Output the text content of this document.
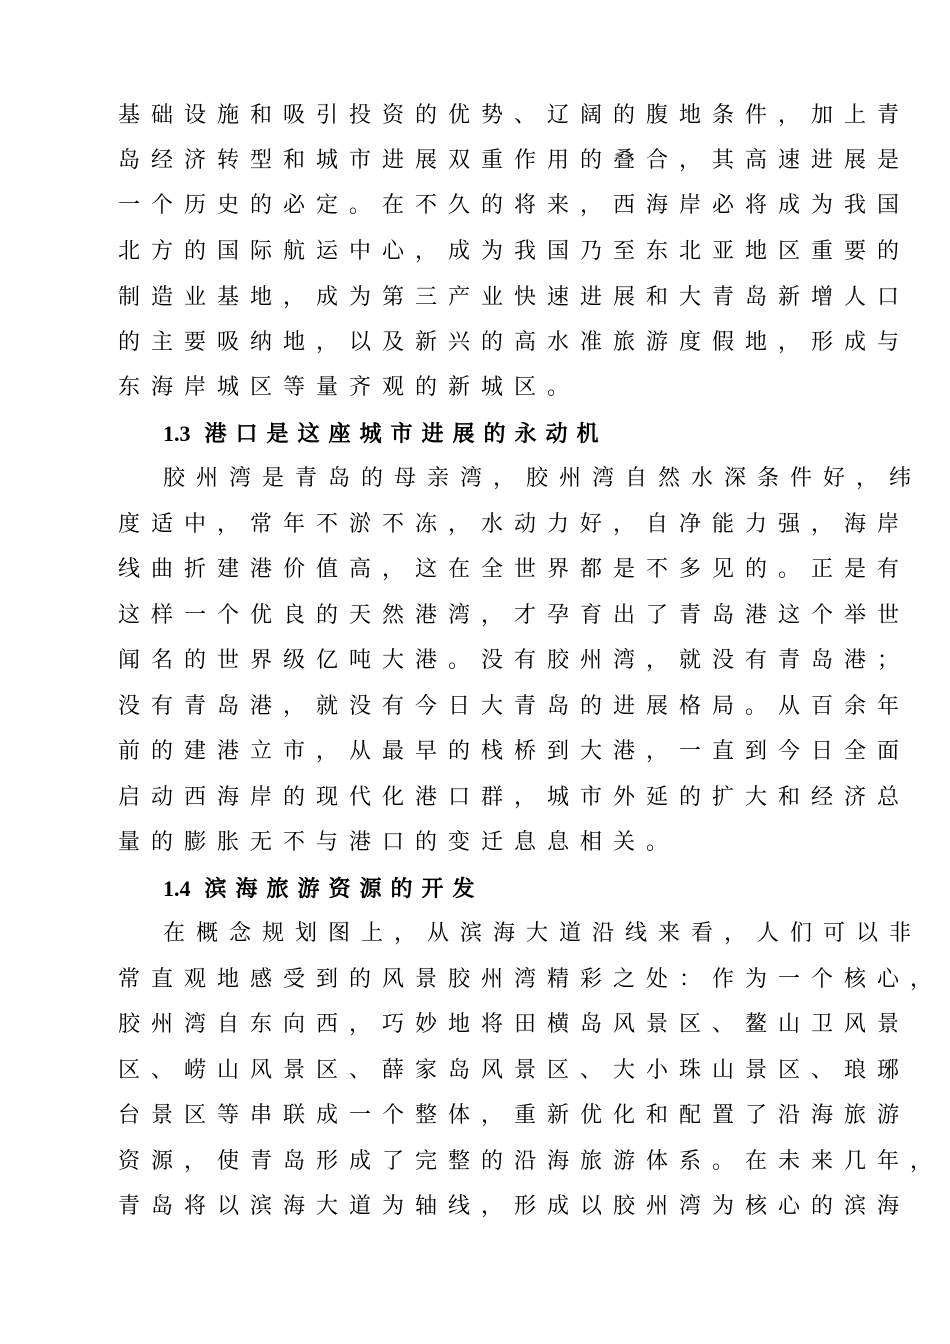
基础设施和吸引投资的优势、辽阔的腹地条件，加上青
岛经济转型和城市进展双重作用的叠合，其高速进展是
一个历史的必定。在不久的将来，西海岸必将成为我国
北方的国际航运中心，成为我国乃至东北亚地区重要的
制造业基地，成为第三产业快速进展和大青岛新增人口
的主要吸纳地，以及新兴的高水准旅游度假地，形成与
东海岸城区等量齐观的新城区。
1.3 港口是这座城市进展的永动机
胶州湾是青岛的母亲湾，胶州湾自然水深条件好，纬
度适中，常年不淤不冻，水动力好，自净能力强，海岸
线曲折建港价值高，这在全世界都是不多见的。正是有
这样一个优良的天然港湾，才孕育出了青岛港这个举世
闻名的世界级亿吨大港。没有胶州湾，就没有青岛港；
没有青岛港，就没有今日大青岛的进展格局。从百余年
前的建港立市，从最早的栈桥到大港，一直到今日全面
启动西海岸的现代化港口群，城市外延的扩大和经济总
量的膨胀无不与港口的变迁息息相关。
1.4 滨海旅游资源的开发
在概念规划图上，从滨海大道沿线来看，人们可以非
常直观地感受到的风景胶州湾精彩之处：作为一个核心，
胶州湾自东向西，巧妙地将田横岛风景区、鳌山卫风景
区、崂山风景区、薛家岛风景区、大小珠山景区、琅琊
台景区等串联成一个整体，重新优化和配置了沿海旅游
资源，使青岛形成了完整的沿海旅游体系。在未来几年，
青岛将以滨海大道为轴线，形成以胶州湾为核心的滨海
